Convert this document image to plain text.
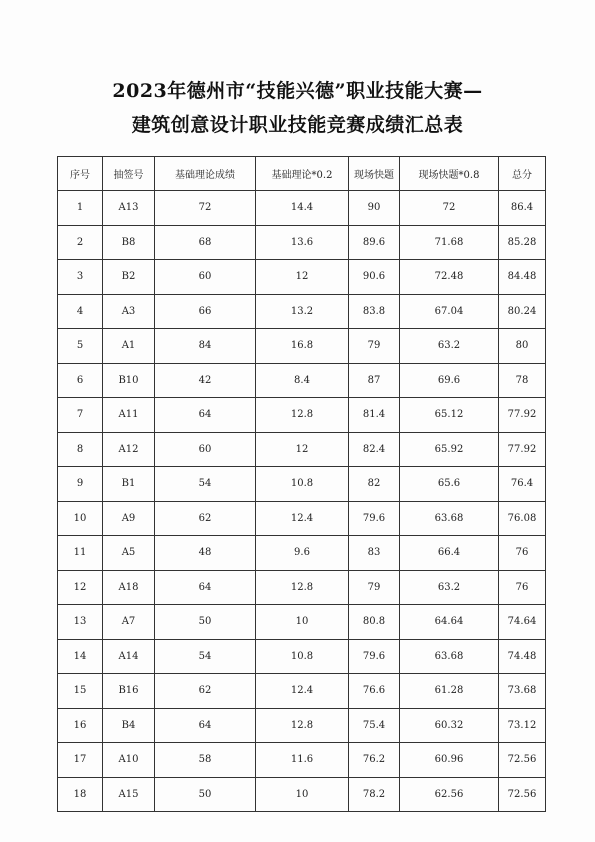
2023年德州市“技能兴德”职业技能大赛—
建筑创意设计职业技能竞赛成绩汇总表
序号	抽签号	基础理论成绩	基础理论*0.2	现场快题	现场快题*0.8	总分
1	A13	72	14.4	90	72	86.4
2	B8	68	13.6	89.6	71.68	85.28
3	B2	60	12	90.6	72.48	84.48
4	A3	66	13.2	83.8	67.04	80.24
5	A1	84	16.8	79	63.2	80
6	B10	42	8.4	87	69.6	78
7	A11	64	12.8	81.4	65.12	77.92
8	A12	60	12	82.4	65.92	77.92
9	B1	54	10.8	82	65.6	76.4
10	A9	62	12.4	79.6	63.68	76.08
11	A5	48	9.6	83	66.4	76
12	A18	64	12.8	79	63.2	76
13	A7	50	10	80.8	64.64	74.64
14	A14	54	10.8	79.6	63.68	74.48
15	B16	62	12.4	76.6	61.28	73.68
16	B4	64	12.8	75.4	60.32	73.12
17	A10	58	11.6	76.2	60.96	72.56
18	A15	50	10	78.2	62.56	72.56
